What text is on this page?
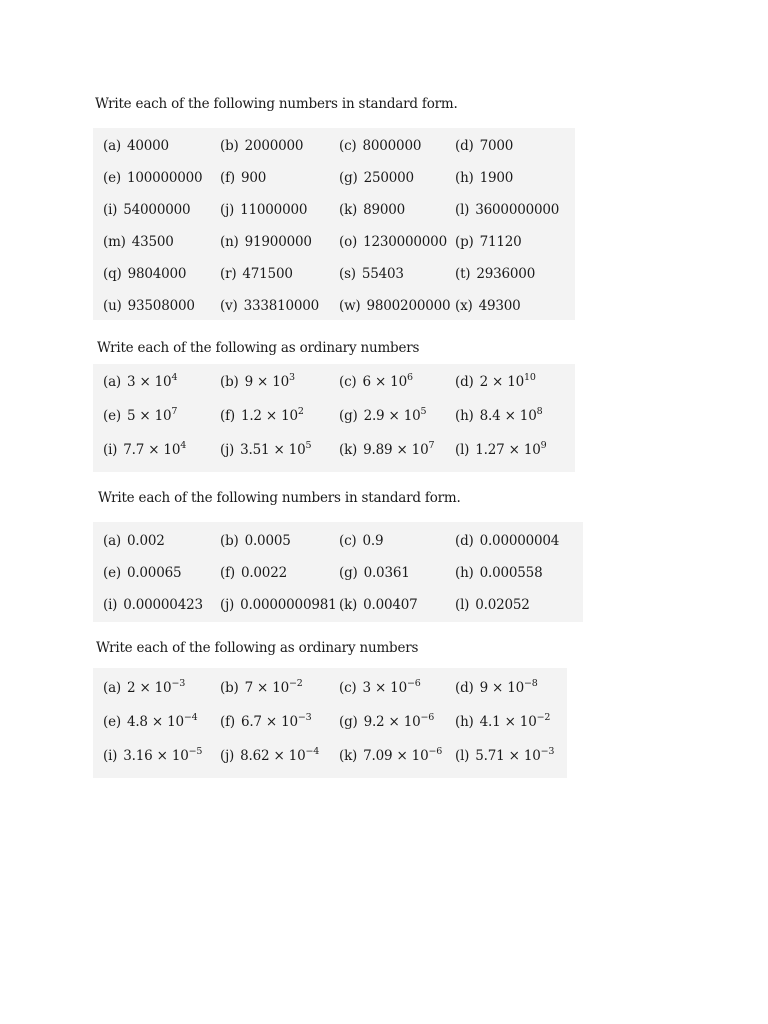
Write each of the following numbers in standard form.
(a) 40000	(b) 2000000	(c) 8000000	(d) 7000
(e) 100000000 (f) 900	(g) 250000	(h) 1900
(i) 54000000 (j) 11000000 (k) 89000	(l) 3600000000
(m) 43500	(n) 91900000 (o) 1230000000 (p) 71120
(q) 9804000 (r) 471500	(s) 55403	(t) 2936000
(u) 93508000 (v) 333810000 (w) 9800200000 (x) 49300
Write each of the following as ordinary numbers
(a) $3 \times 10^4$	(b) $9 \times 10^3$	(c) $6 \times 10^6$	(d) $2 \times 10^{10}$
(e) $5 \times 10^7$	(f) $1.2 \times 10^2$	(g) $2.9 \times 10^5$ (h) $8.4 \times 10^8$
(i) $7.7 \times 10^4$	(j) $3.51 \times 10^5$ (k) $9.89 \times 10^7$ (l) $1.27 \times 10^9$
Write each of the following numbers in standard form.
(a) 0.002	(b) 0.0005	(c) 0.9	(d) 0.00000004
(e) 0.00065	(f) 0.0022	(g) 0.0361	(h) 0.000558
(i) 0.00000423 (j) 0.0000000981 (k) 0.00407	(l) 0.02052
Write each of the following as ordinary numbers
(a) $2 \times 10^{-3}$	(b) $7 \times 10^{-2}$	(c) $3 \times 10^{-6}$	(d) $9 \times 10^{-8}$
(e) $4.8 \times 10^{-4}$ (f) $6.7 \times 10^{-3}$ (g) $9.2 \times 10^{-6}$ (h) $4.1 \times 10^{-2}$
(i) $3.16 \times 10^{-5}$ (j) $8.62 \times 10^{-4}$ (k) $7.09 \times 10^{-6}$ (l) $5.71 \times 10^{-3}$
